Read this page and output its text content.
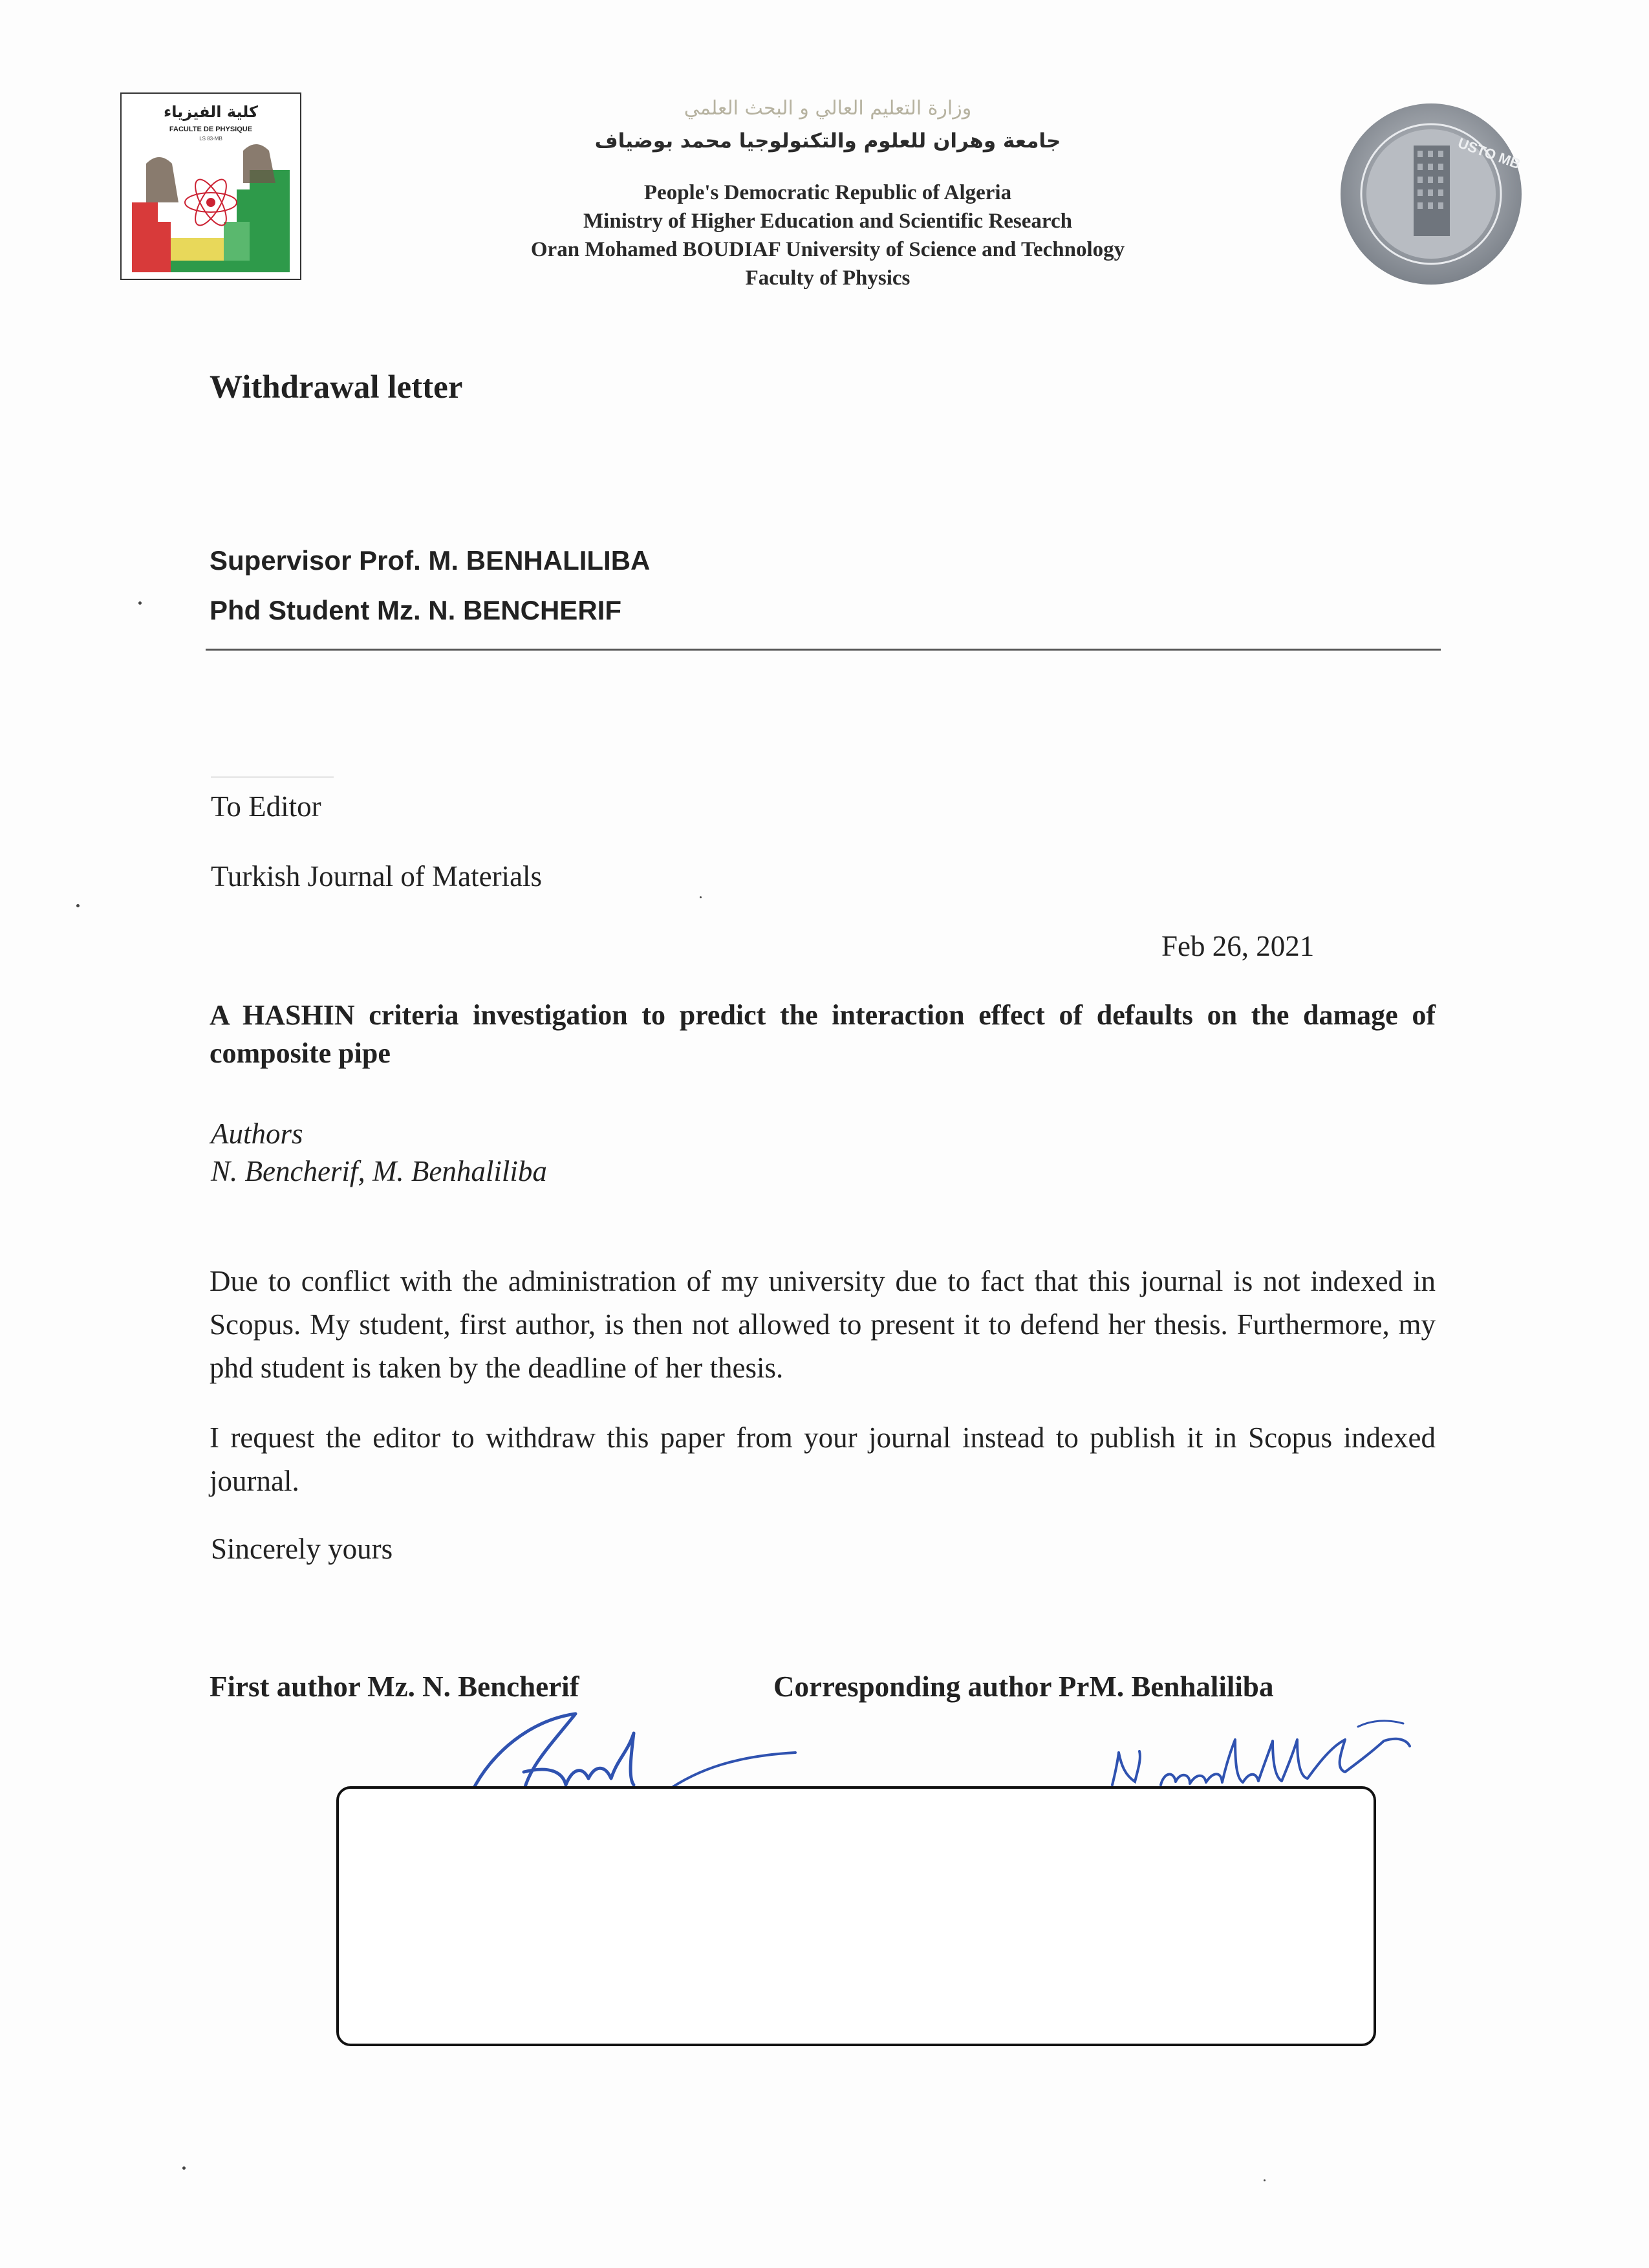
كلية الفيزياء
FACULTE DE PHYSIQUE
LS 83-MB
وزارة التعليم العالي و البحث العلمي
جامعة وهران للعلوم والتكنولوجيا محمد بوضياف
People's Democratic Republic of Algeria
Ministry of Higher Education and Scientific Research
Oran Mohamed BOUDIAF University of Science and Technology
Faculty of Physics
USTO MB
Withdrawal letter
Supervisor Prof. M. BENHALILIBA
Phd Student Mz. N. BENCHERIF
To Editor
Turkish Journal of Materials
Feb 26, 2021
A HASHIN criteria investigation to predict the interaction effect of defaults on the damage of composite pipe
Authors
N. Bencherif, M. Benhaliliba
Due to conflict with the administration of my university due to fact that this journal is not indexed in Scopus. My student, first author, is then not allowed to present it to defend her thesis. Furthermore, my phd student is taken by the deadline of her thesis.
I request the editor to withdraw this paper from your journal instead to publish it in Scopus indexed journal.
Sincerely yours
First author Mz. N. Bencherif	Corresponding author PrM. Benhaliliba
